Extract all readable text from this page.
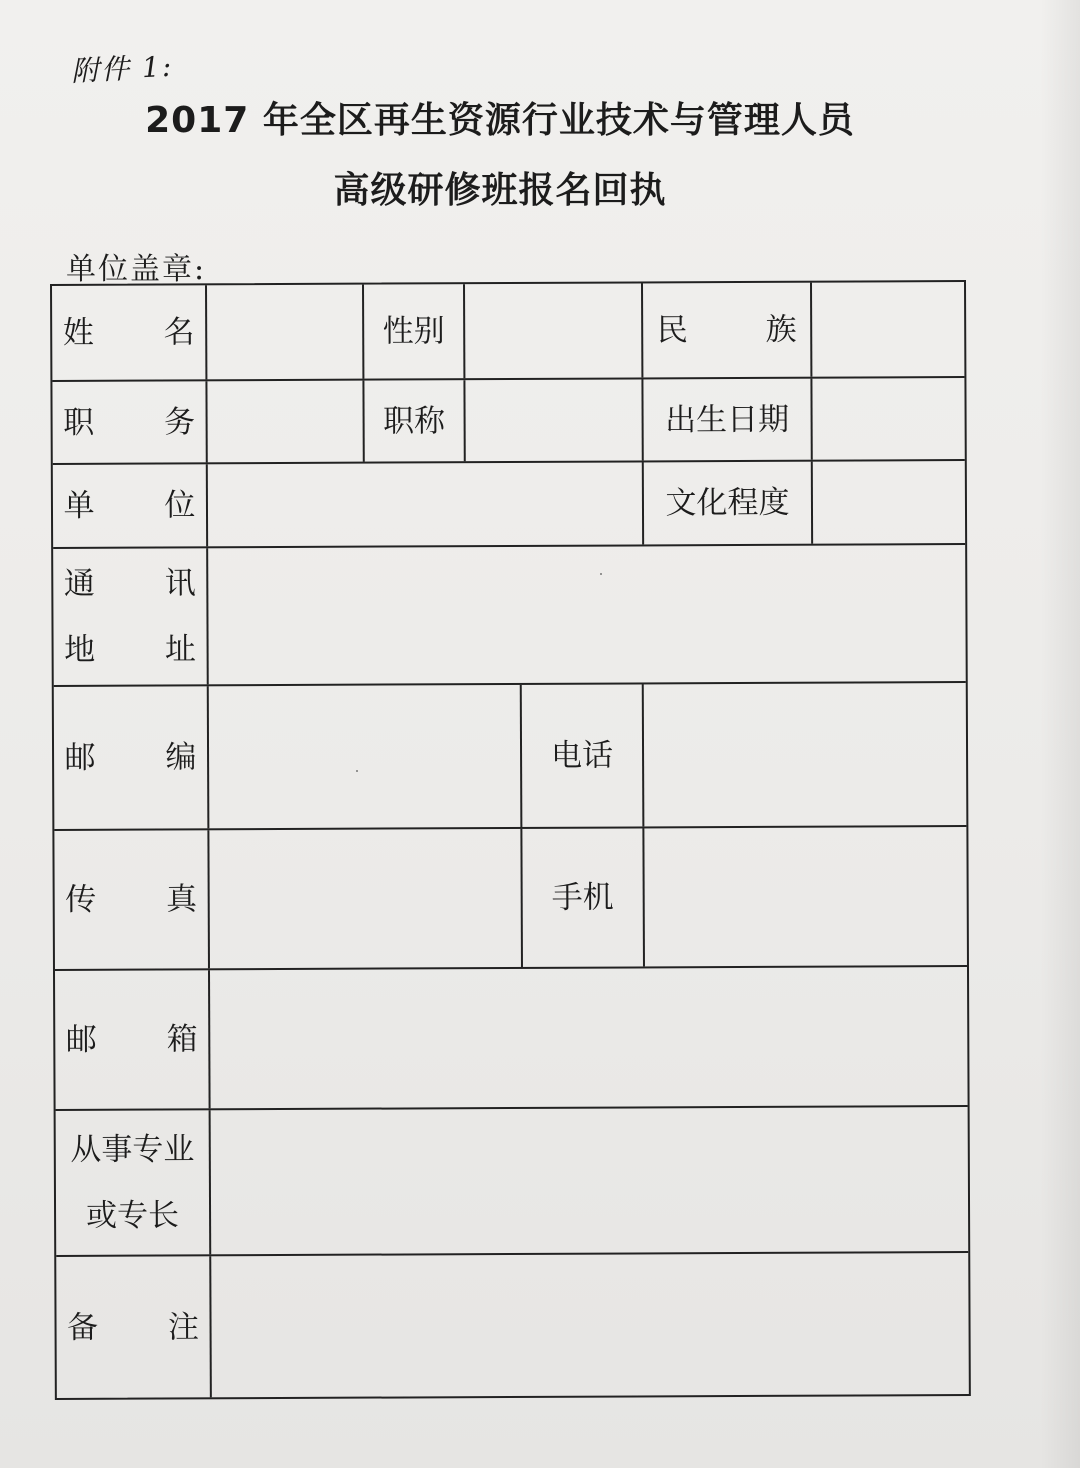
附件 1:
2017 年全区再生资源行业技术与管理人员
高级研修班报名回执
单位盖章:
姓 名	性别	民 族
职 务	职称	出生日期
单 位	文化程度
通 讯
地 址
邮 编	电话
传 真	手机
邮 箱
从事专业
或专长
备 注
